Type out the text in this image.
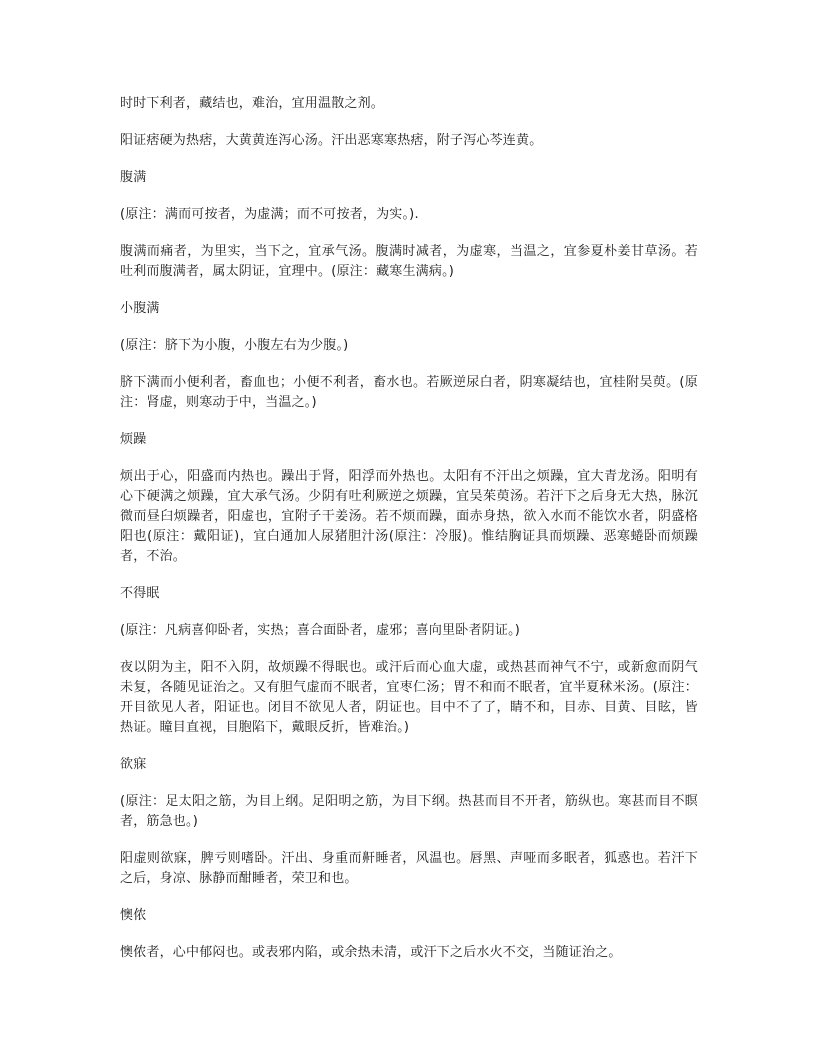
时时下利者，藏结也，难治，宜用温散之剂。

阳证痞硬为热痞，大黄黄连泻心汤。汗出恶寒寒热痞，附子泻心芩连黄。

腹满

(原注：满而可按者，为虚满；而不可按者，为实。).

腹满而痛者，为里实，当下之，宜承气汤。腹满时减者，为虚寒，当温之，宜参夏朴姜甘草汤。若吐利而腹满者，属太阴证，宜理中。(原注：藏寒生满病。)

小腹满

(原注：脐下为小腹，小腹左右为少腹。)

脐下满而小便利者，畜血也；小便不利者，畜水也。若厥逆尿白者，阴寒凝结也，宜桂附吴萸。(原注：肾虚，则寒动于中，当温之。)

烦躁

烦出于心，阳盛而内热也。躁出于肾，阳浮而外热也。太阳有不汗出之烦躁，宜大青龙汤。阳明有心下硬满之烦躁，宜大承气汤。少阴有吐利厥逆之烦躁，宜吴茱萸汤。若汗下之后身无大热，脉沉微而昼臼烦躁者，阳虚也，宜附子干姜汤。若不烦而躁，面赤身热，欲入水而不能饮水者，阴盛格阳也(原注：戴阳证)，宜白通加人尿猪胆汁汤(原注：冷服)。惟结胸证具而烦躁、恶寒蜷卧而烦躁者，不治。

不得眠

(原注：凡病喜仰卧者，实热；喜合面卧者，虚邪；喜向里卧者阴证。)

夜以阴为主，阳不入阴，故烦躁不得眠也。或汗后而心血大虚，或热甚而神气不宁，或新愈而阴气未复，各随见证治之。又有胆气虚而不眠者，宜枣仁汤；胃不和而不眠者，宜半夏秫米汤。(原注：开目欲见人者，阳证也。闭目不欲见人者，阴证也。目中不了了，睛不和，目赤、目黄、目眩，皆热证。瞳目直视，目胞陷下，戴眼反折，皆难治。)

欲寐

(原注：足太阳之筋，为目上纲。足阳明之筋，为目下纲。热甚而目不开者，筋纵也。寒甚而目不瞑者，筋急也。)

阳虚则欲寐，脾亏则嗜卧。汗出、身重而鼾睡者，风温也。唇黑、声哑而多眠者，狐惑也。若汗下之后，身凉、脉静而酣睡者，荣卫和也。

懊侬

懊侬者，心中郁闷也。或表邪内陷，或余热未清，或汗下之后水火不交，当随证治之。
